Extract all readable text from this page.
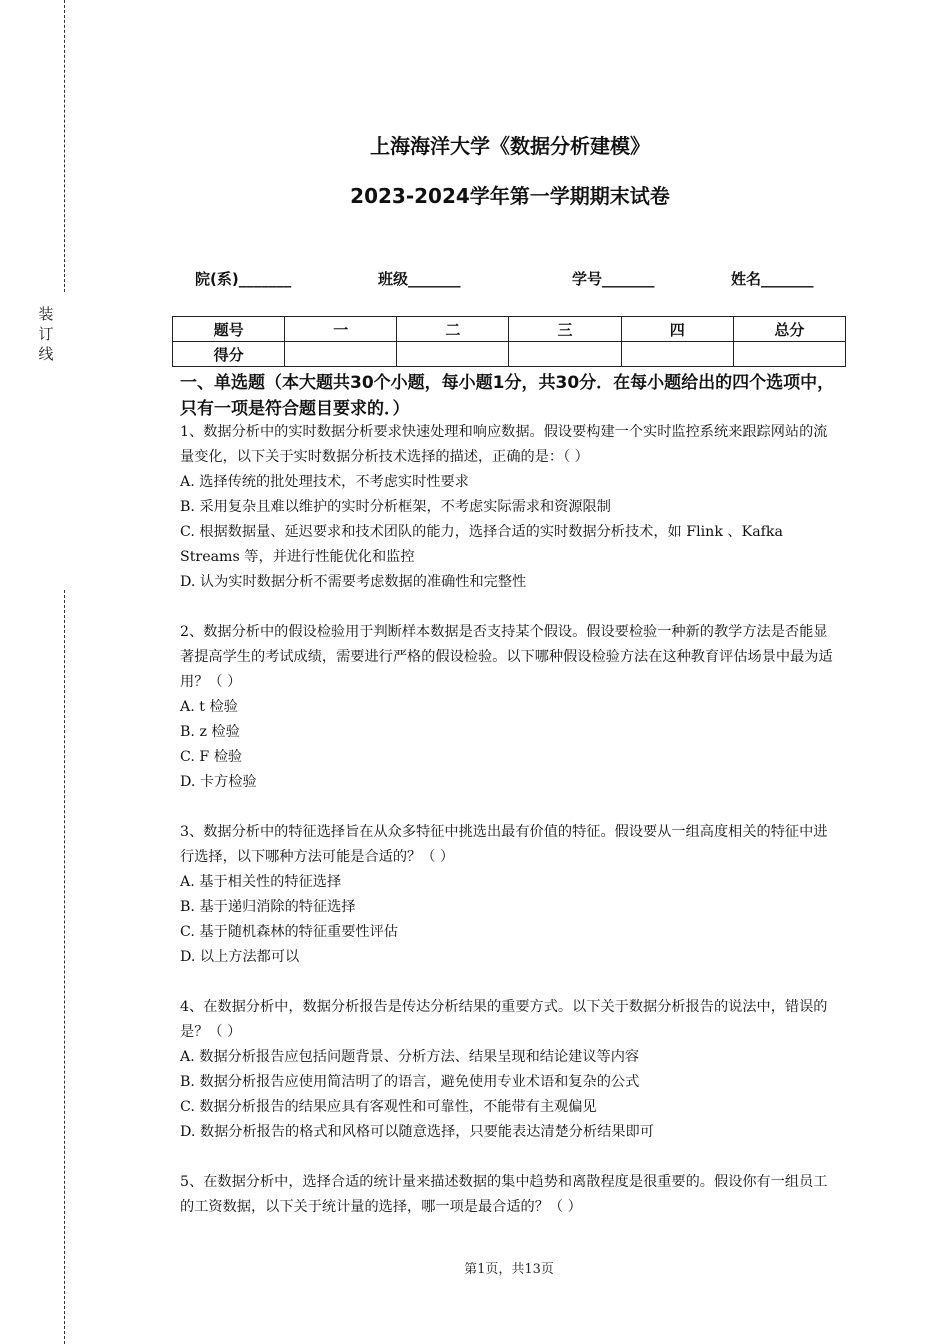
装
订
线
上海海洋大学《数据分析建模》
2023-2024学年第一学期期末试卷
院(系)_______	班级_______	学号_______	姓名_______
题号	一	二	三	四	总分
得分					
一、单选题（本大题共30个小题，每小题1分，共30分．在每小题给出的四个选项中，只有一项是符合题目要求的．）

1、数据分析中的实时数据分析要求快速处理和响应数据。假设要构建一个实时监控系统来跟踪网站的流量变化，以下关于实时数据分析技术选择的描述，正确的是：（ ）

A. 选择传统的批处理技术，不考虑实时性要求

B. 采用复杂且难以维护的实时分析框架，不考虑实际需求和资源限制

C. 根据数据量、延迟要求和技术团队的能力，选择合适的实时数据分析技术，如 Flink 、Kafka Streams 等，并进行性能优化和监控

D. 认为实时数据分析不需要考虑数据的准确性和完整性

2、数据分析中的假设检验用于判断样本数据是否支持某个假设。假设要检验一种新的教学方法是否能显著提高学生的考试成绩，需要进行严格的假设检验。以下哪种假设检验方法在这种教育评估场景中最为适用？（ ）

A. t 检验

B. z 检验

C. F 检验

D. 卡方检验

3、数据分析中的特征选择旨在从众多特征中挑选出最有价值的特征。假设要从一组高度相关的特征中进行选择，以下哪种方法可能是合适的？（ ）

A. 基于相关性的特征选择

B. 基于递归消除的特征选择

C. 基于随机森林的特征重要性评估

D. 以上方法都可以

4、在数据分析中，数据分析报告是传达分析结果的重要方式。以下关于数据分析报告的说法中，错误的是？（ ）

A. 数据分析报告应包括问题背景、分析方法、结果呈现和结论建议等内容

B. 数据分析报告应使用简洁明了的语言，避免使用专业术语和复杂的公式

C. 数据分析报告的结果应具有客观性和可靠性，不能带有主观偏见

D. 数据分析报告的格式和风格可以随意选择，只要能表达清楚分析结果即可

5、在数据分析中，选择合适的统计量来描述数据的集中趋势和离散程度是很重要的。假设你有一组员工的工资数据，以下关于统计量的选择，哪一项是最合适的？（ ）

第1页，共13页
